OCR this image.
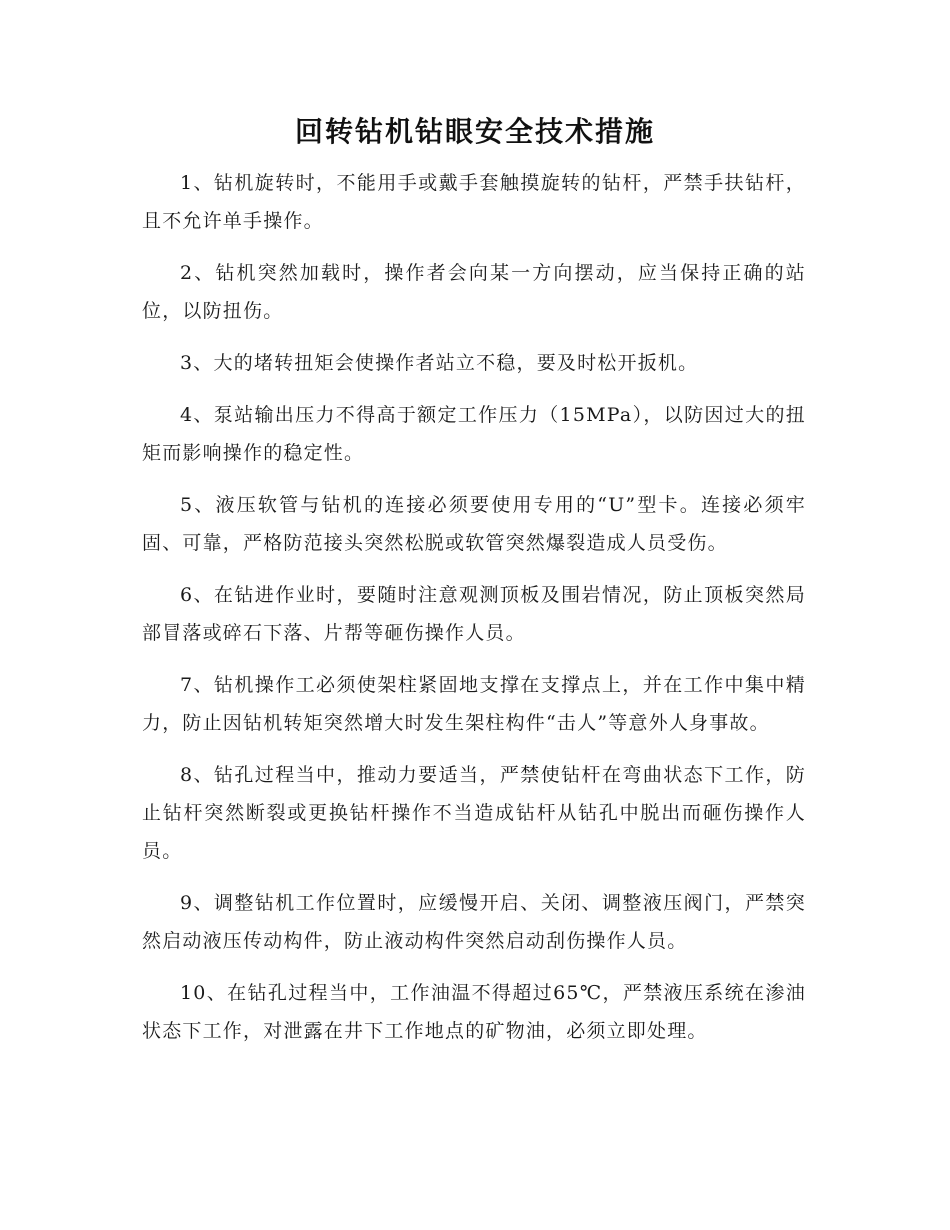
回转钻机钻眼安全技术措施

1、钻机旋转时，不能用手或戴手套触摸旋转的钻杆，严禁手扶钻杆，且不允许单手操作。

2、钻机突然加载时，操作者会向某一方向摆动，应当保持正确的站位，以防扭伤。

3、大的堵转扭矩会使操作者站立不稳，要及时松开扳机。

4、泵站输出压力不得高于额定工作压力（15MPa），以防因过大的扭矩而影响操作的稳定性。

5、液压软管与钻机的连接必须要使用专用的“U”型卡。连接必须牢固、可靠，严格防范接头突然松脱或软管突然爆裂造成人员受伤。

6、在钻进作业时，要随时注意观测顶板及围岩情况，防止顶板突然局部冒落或碎石下落、片帮等砸伤操作人员。

7、钻机操作工必须使架柱紧固地支撑在支撑点上，并在工作中集中精力，防止因钻机转矩突然增大时发生架柱构件“击人”等意外人身事故。

8、钻孔过程当中，推动力要适当，严禁使钻杆在弯曲状态下工作，防止钻杆突然断裂或更换钻杆操作不当造成钻杆从钻孔中脱出而砸伤操作人员。

9、调整钻机工作位置时，应缓慢开启、关闭、调整液压阀门，严禁突然启动液压传动构件，防止液动构件突然启动刮伤操作人员。

10、在钻孔过程当中，工作油温不得超过65℃，严禁液压系统在渗油状态下工作，对泄露在井下工作地点的矿物油，必须立即处理。
